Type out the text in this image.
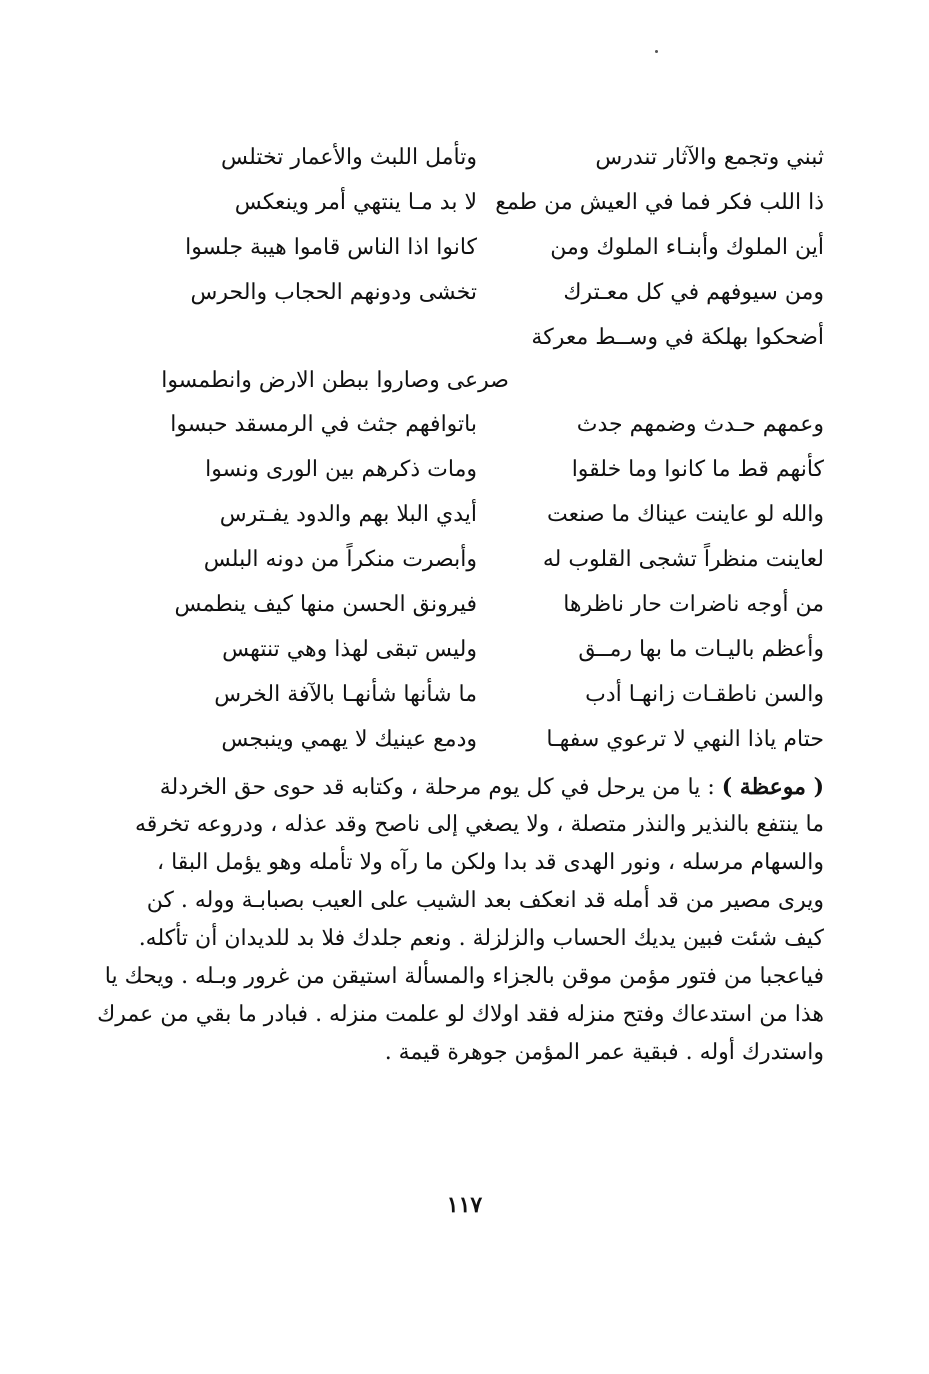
ثبني وتجمع والآثار تندرس
وتأمل اللبث والأعمار تختلس
ذا اللب فكر فما في العيش من طمع
لا بد مـا ينتهي أمر وينعكس
أين الملوك وأبنـاء الملوك ومن
كانوا اذا الناس قاموا هيبة جلسوا
ومن سيوفهم في كل معـترك
تخشى ودونهم الحجاب والحرس
أضحكوا بهلكة في وســط معركة
صرعى وصاروا ببطن الارض وانطمسوا
وعمهم حـدث وضمهم جدث
باتوافهم جثث في الرمسقد حبسوا
كأنهم قط ما كانوا وما خلقوا
ومات ذكرهم بين الورى ونسوا
والله لو عاينت عيناك ما صنعت
أيدي البلا بهم والدود يفـترس
لعاينت منظراً تشجى القلوب له
وأبصرت منكراً من دونه البلس
من أوجه ناضرات حار ناظرها
فيرونق الحسن منها كيف ينطمس
وأعظم باليـات ما بها رمــق
وليس تبقى لهذا وهي تنتهس
والسن ناطقـات زانهـا أدب
ما شأنها شأنهـا بالآفة الخرس
حتام ياذا النهي لا ترعوي سفهـا
ودمع عينيك لا يهمي وينبجس
( موعظة ) : يا من يرحل في كل يوم مرحلة ، وكتابه قد حوى حق الخردلة
ما ينتفع بالنذير والنذر متصلة ، ولا يصغي إلى ناصح وقد عذله ، ودروعه تخرقه
والسهام مرسله ، ونور الهدى قد بدا ولكن ما رآه ولا تأمله وهو يؤمل البقا ،
ويرى مصير من قد أمله قد انعكف بعد الشيب على العيب بصبابـة ووله . كن
كيف شئت فبين يديك الحساب والزلزلة . ونعم جلدك فلا بد للديدان أن تأكله.
فياعجبا من فتور مؤمن موقن بالجزاء والمسألة استيقن من غرور وبـله . ويحك يا
هذا من استدعاك وفتح منزله فقد اولاك لو علمت منزله . فبادر ما بقي من عمرك
واستدرك أوله . فبقية عمر المؤمن جوهرة قيمة .
١١٧
